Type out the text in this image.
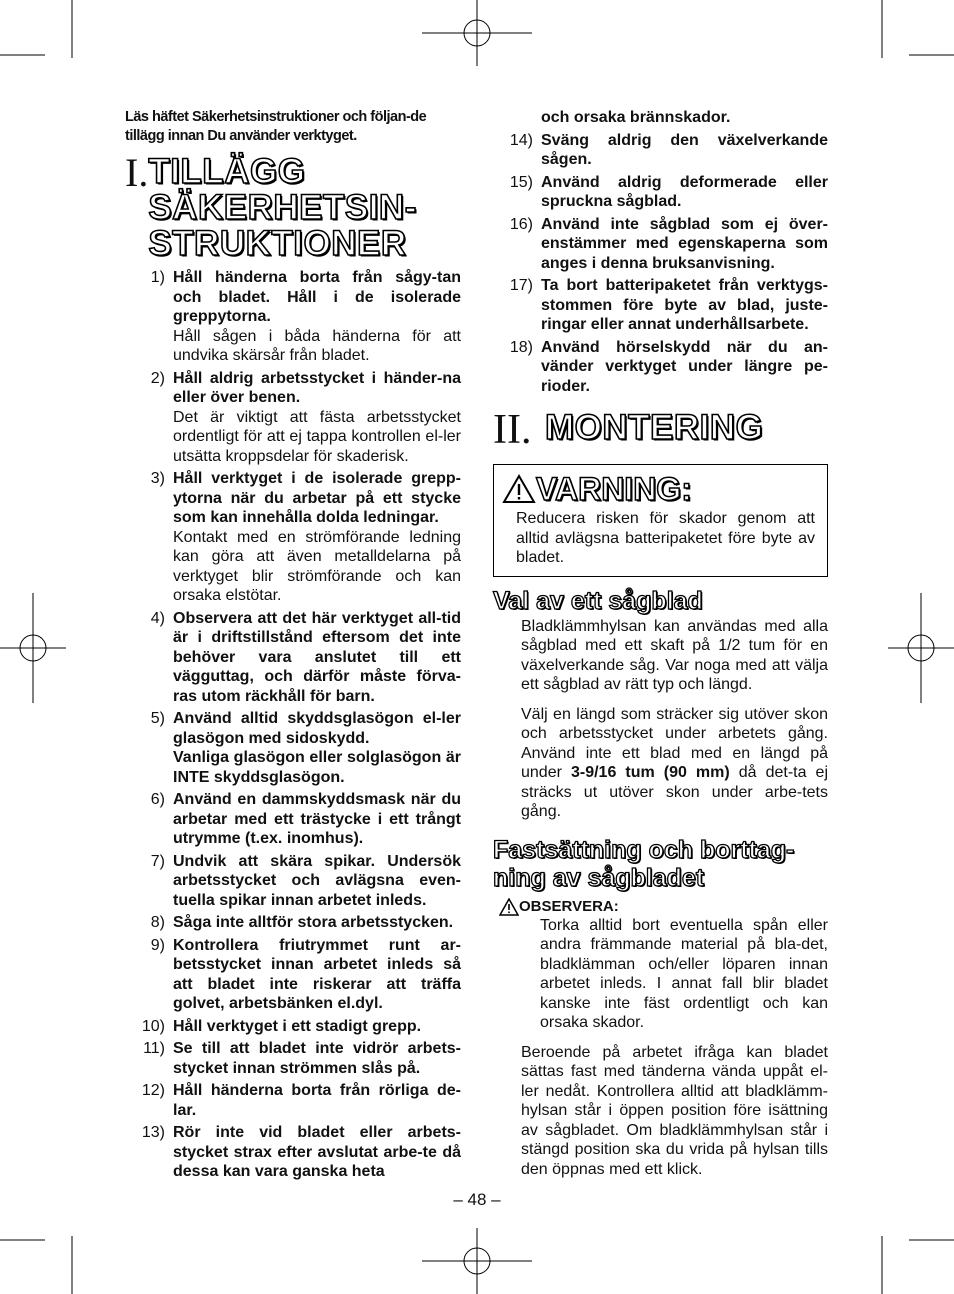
Läs häftet Säkerhetsinstruktioner och följan-de tillägg innan Du använder verktyget.

I. TILLÄGG SÄKERHETSIN-STRUKTIONER
1) Håll händerna borta från sågy-tan och bladet. Håll i de isolerade greppytorna.
Håll sågen i båda händerna för att undvika skärsår från bladet.
2) Håll aldrig arbetsstycket i händer-na eller över benen.
Det är viktigt att fästa arbetsstycket ordentligt för att ej tappa kontrollen el-ler utsätta kroppsdelar för skaderisk.
3) Håll verktyget i de isolerade grepp-ytorna när du arbetar på ett stycke som kan innehålla dolda ledningar.
Kontakt med en strömförande ledning kan göra att även metalldelarna på verktyget blir strömförande och kan orsaka elstötar.
4) Observera att det här verktyget all-tid är i driftstillstånd eftersom det inte behöver vara anslutet till ett vägguttag, och därför måste förva-ras utom räckhåll för barn.
5) Använd alltid skyddsglasögon el-ler glasögon med sidoskydd.
Vanliga glasögon eller solglasögon är INTE skyddsglasögon.
6) Använd en dammskyddsmask när du arbetar med ett trästycke i ett trångt utrymme (t.ex. inomhus).
7) Undvik att skära spikar. Undersök arbetsstycket och avlägsna even-tuella spikar innan arbetet inleds.
8) Såga inte alltför stora arbetsstycken.
9) Kontrollera friutrymmet runt ar-betsstycket innan arbetet inleds så att bladet inte riskerar att träffa golvet, arbetsbänken el.dyl.
10) Håll verktyget i ett stadigt grepp.
11) Se till att bladet inte vidrör arbets-stycket innan strömmen slås på.
12) Håll händerna borta från rörliga de-lar.
13) Rör inte vid bladet eller arbets-stycket strax efter avslutat arbe-te då dessa kan vara ganska heta
och orsaka brännskador.
14) Sväng aldrig den växelverkande sågen.
15) Använd aldrig deformerade eller spruckna sågblad.
16) Använd inte sågblad som ej över-enstämmer med egenskaperna som anges i denna bruksanvisning.
17) Ta bort batteripaketet från verktygs-stommen före byte av blad, juste-ringar eller annat underhållsarbete.
18) Använd hörselskydd när du an-vänder verktyget under längre pe-rioder.
II. MONTERING
VARNING:
Reducera risken för skador genom att alltid avlägsna batteripaketet före byte av bladet.
Val av ett sågblad

Bladklämmhylsan kan användas med alla sågblad med ett skaft på 1/2 tum för en växelverkande såg. Var noga med att välja ett sågblad av rätt typ och längd.

Välj en längd som sträcker sig utöver skon och arbetsstycket under arbetets gång. Använd inte ett blad med en längd på under 3-9/16 tum (90 mm) då det-ta ej sträcks ut utöver skon under arbe-tets gång.

Fastsättning och borttag-ning av sågbladet
OBSERVERA:

Torka alltid bort eventuella spån eller andra främmande material på bla-det, bladklämman och/eller löparen innan arbetet inleds. I annat fall blir bladet kanske inte fäst ordentligt och kan orsaka skador.

Beroende på arbetet ifråga kan bladet sättas fast med tänderna vända uppåt el-ler nedåt. Kontrollera alltid att bladklämm-hylsan står i öppen position före isättning av sågbladet. Om bladklämmhylsan står i stängd position ska du vrida på hylsan tills den öppnas med ett klick.

– 48 –
